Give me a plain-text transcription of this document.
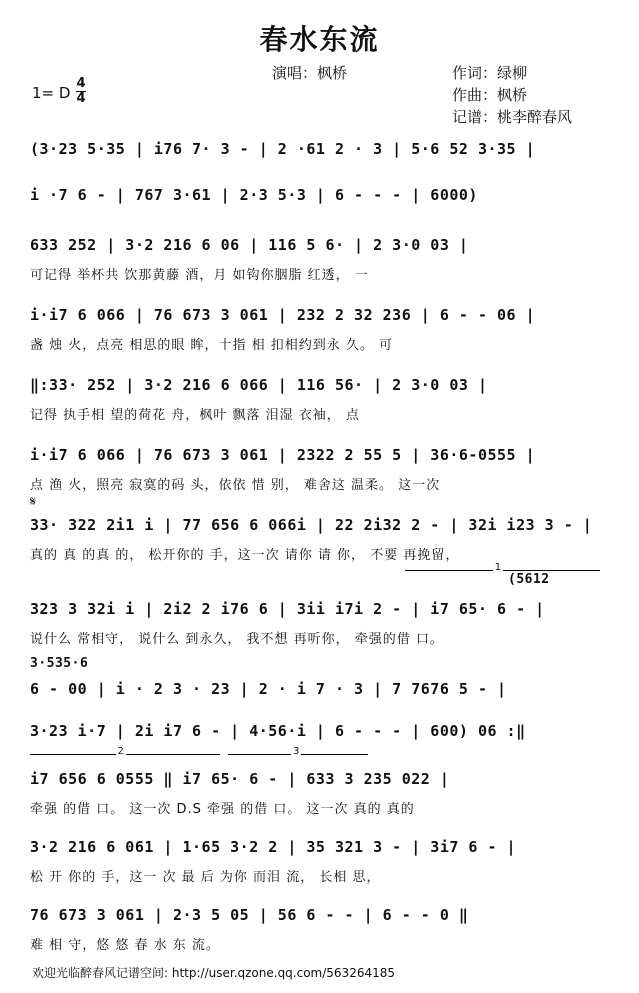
春水东流
演唱：枫桥	作词：绿柳
作曲：枫桥
记谱：桃李醉春风
1= D
4
4
(3·23 5·35 | i76 7· 3 - | 2 ·61 2 · 3 | 5·6 52 3·35 |
i ·7 6 - | 767 3·61 | 2·3 5·3 | 6 - - - | 6000)
633 252 | 3·2 216 6 06 | 116 5 6· | 2 3·0 03 |
可记得 举杯共 饮那黄藤 酒，月 如钩你胭脂 红透， 一
i·i7 6 066 | 76 673 3 061 | 232 2 32 236 | 6 - - 06 |
盏 烛 火，点亮 相思的眼 眸，十指 相 扣相约到永 久。 可
‖:33· 252 | 3·2 216 6 066 | 116 56· | 2 3·0 03 |
记得 执手相 望的荷花 舟，枫叶 飘落 泪湿 衣袖， 点
i·i7 6 066 | 76 673 3 061 | 2322 2 55 5 | 36·6-0555 |
点 渔 火，照亮 寂寞的码 头，依依 惜 别， 难舍这 温柔。 这一次
𝄋
33· 322 2i1 i | 77 656 6 066i | 22 2i32 2 - | 32i i23 3 - |
真的 真 的真 的， 松开你的 手，这一次 请你 请 你， 不要 再挽留，
1
(5612
323 3 32i i | 2i2 2 i76 6 | 3ii i7i 2 - | i7 65· 6 - |
说什么 常相守， 说什么 到永久， 我不想 再听你， 牵强的借 口。
3·535·6
6 - 00 | i · 2 3 · 23 | 2 · i 7 · 3 | 7 7676 5 - |
3·23 i·7 | 2i i7 6 - | 4·56·i | 6 - - - | 600) 06 :‖
2	3
i7 656 6 0555 ‖ i7 65· 6 - | 633 3 235 022 |
牵强 的借 口。 这一次 D.S 牵强 的借 口。 这一次 真的 真的
3·2 216 6 061 | 1·65 3·2 2 | 35 321 3 - | 3i7 6 - |
松 开 你的 手，这一 次 最 后 为你 而泪 流， 长相 思，
76 673 3 061 | 2·3 5 05 | 56 6 - - | 6 - - 0 ‖
难 相 守，悠 悠 春 水 东 流。
欢迎光临醉春风记谱空间: http://user.qzone.qq.com/563264185
